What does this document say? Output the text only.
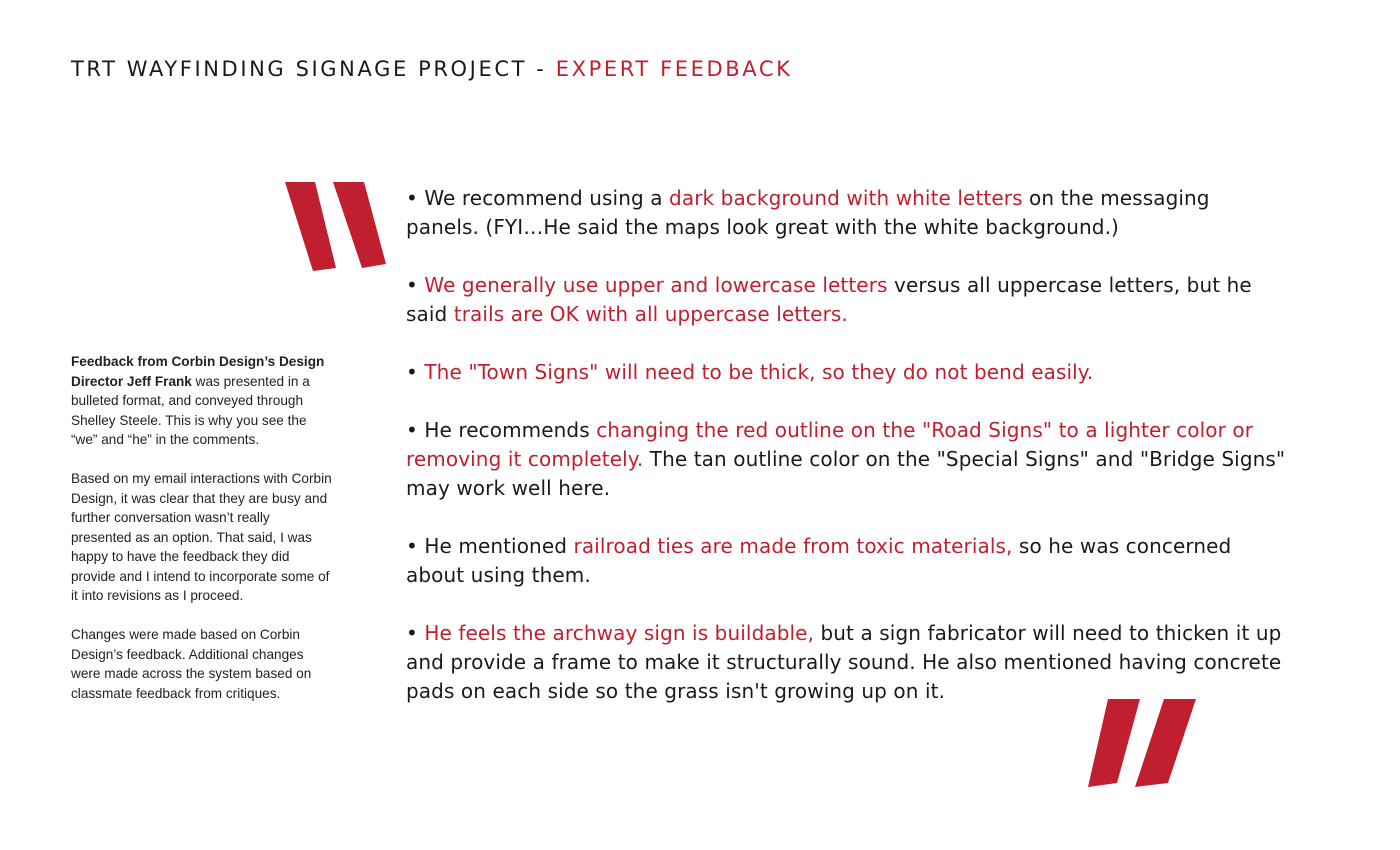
TRT WAYFINDING SIGNAGE PROJECT - EXPERT FEEDBACK

Feedback from Corbin Design’s Design Director Jeff Frank was presented in a bulleted format, and conveyed through Shelley Steele. This is why you see the “we” and “he” in the comments.

Based on my email interactions with Corbin Design, it was clear that they are busy and further conversation wasn’t really presented as an option. That said, I was happy to have the feedback they did provide and I intend to incorporate some of it into revisions as I proceed.

Changes were made based on Corbin Design’s feedback. Additional changes were made across the system based on classmate feedback from critiques.

• We recommend using a dark background with white letters on the messaging panels. (FYI…He said the maps look great with the white background.)

• We generally use upper and lowercase letters versus all uppercase letters, but he said trails are OK with all uppercase letters.

• The "Town Signs" will need to be thick, so they do not bend easily.

• He recommends changing the red outline on the "Road Signs" to a lighter color or removing it completely. The tan outline color on the "Special Signs" and "Bridge Signs" may work well here.

• He mentioned railroad ties are made from toxic materials, so he was concerned about using them.

• He feels the archway sign is buildable, but a sign fabricator will need to thicken it up and provide a frame to make it structurally sound. He also mentioned having concrete pads on each side so the grass isn't growing up on it.
